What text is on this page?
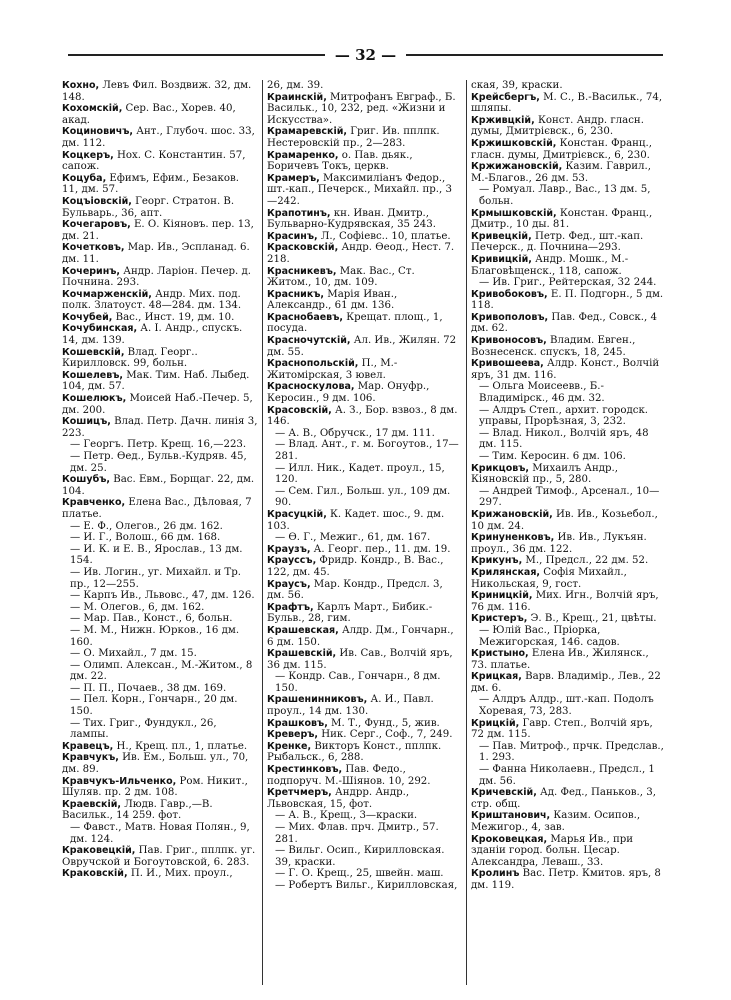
— 32 —

Кохно, Левъ Фил. Воздвиж. 32, дм. 148.

Кохомскій, Сер. Вас., Хорев. 40, акад.

Коциновичъ, Ант., Глубоч. шос. 33, дм. 112.

Коцкеръ, Нох. С. Константин. 57, сапож.

Коцуба, Ефимъ, Ефим., Безаков. 11, дм. 57.

Коцъіовскій, Георг. Стратон. В. Бульварь., 36, апт.

Кочегаровъ, Е. О. Кіяновъ. пер. 13, дм. 21.

Кочетковъ, Мар. Ив., Эспланад. 6. дм. 11.

Кочеринъ, Андр. Ларіон. Печер. д. Почнина. 293.

Кочмарженскій, Андр. Мих. под. полк. Златоуст. 48—284. дм. 134.

Кочубей, Вас., Инст. 19, дм. 10.

Кочубинская, А. І. Андр., спускъ. 14, дм. 139.

Кошевскій, Влад. Георг.. Кирилловск. 99, больн.

Кошелевъ, Мак. Тим. Наб. Лыбед. 104, дм. 57.

Кошелюкъ, Моисей Наб.-Печер. 5, дм. 200.

Кошицъ, Влад. Петр. Дачн. линія 3, 223.

— Георгъ. Петр. Крещ. 16,—223.

— Петр. Өед., Бульв.-Кудряв. 45, дм. 25.

Кошубъ, Вас. Евм., Борщаг. 22, дм. 104.

Кравченко, Елена Вас., Дѣловая, 7 платье.

— Е. Ф., Олегов., 26 дм. 162.

— И. Г., Волош., 66 дм. 168.

— И. К. и Е. В., Ярослав., 13 дм. 154.

— Ив. Логин., уг. Михайл. и Тр. пр., 12—255.

— Карпъ Ив., Львовс., 47, дм. 126.

— М. Олегов., 6, дм. 162.

— Мар. Пав., Конст., 6, больн.

— М. М., Нижн. Юрков., 16 дм. 160.

— О. Михайл., 7 дм. 15.

— Олимп. Алексан., М.-Житом., 8 дм. 22.

— П. П., Почаев., 38 дм. 169.

— Пел. Корн., Гончарн., 20 дм. 150.

— Тих. Григ., Фундукл., 26, лампы.

Кравецъ, Н., Крещ. пл., 1, платье.

Кравчукъ, Ив. Ем., Больш. ул., 70, дм. 89.

Кравчукъ-Ильченко, Ром. Никит., Шуляв. пр. 2 дм. 108.

Краевскій, Людв. Гавр.,—В. Васильк., 14 259. фот.

— Фавст., Матв. Новая Полян., 9, дм. 124.

Краковецкій, Пав. Григ., пплпк. уг. Овручской и Богоутовской, 6. 283.

Краковскій, П. И., Мих. проул.,

26, дм. 39.

Краинскій, Митрофанъ Евграф., Б. Васильк., 10, 232, ред. «Жизни и Искусства».

Крамаревскій, Григ. Ив. пплпк. Нестеровскій пр., 2—283.

Крамаренко, о. Пав. дьяк., Боричевъ Токъ, церкв.

Крамеръ, Максимиліанъ Федор., шт.-кап., Печерск., Михайл. пр., 3—242.

Крапотинъ, кн. Иван. Дмитр., Бульварно-Кудрявская, 35 243.

Красинъ, Л., Софіевс.. 10, платье.

Красковскій, Андр. Өеод., Нест. 7. 218.

Красникевъ, Мак. Вас., Ст. Житом., 10, дм. 109.

Красникъ, Марія Иван., Александр., 61 дм. 136.

Краснобаевъ, Крещат. площ., 1, посуда.

Красночутскій, Ал. Ив., Жилян. 72 дм. 55.

Краснопольскій, П., М.-Житомірская, 3 ювел.

Красноскулова, Мар. Онуфр., Керосин., 9 дм. 106.

Красовскій, А. З., Бор. взвоз., 8 дм. 146.

— А. В., Обручск., 17 дм. 111.

— Влад. Ант., г. м. Богоутов., 17—281.

— Илл. Ник., Кадет. проул., 15, 120.

— Сем. Гил., Больш. ул., 109 дм. 90.

Красуцкій, К. Кадет. шос., 9. дм. 103.

— Ө. Г., Межиг., 61, дм. 167.

Краузъ, А. Георг. пер., 11. дм. 19.

Крауссъ, Фридр. Кондр., В. Вас., 122, дм. 45.

Краусъ, Мар. Кондр., Предсл. 3, дм. 56.

Крафтъ, Карлъ Март., Бибик.-Бульв., 28, гим.

Крашевская, Алдр. Дм., Гончарн., 6 дм. 150.

Крашевскій, Ив. Сав., Волчій яръ, 36 дм. 115.

— Кондр. Сав., Гончарн., 8 дм. 150.

Крашенинниковъ, А. И., Павл. проул., 14 дм. 130.

Крашковъ, М. Т., Фунд., 5, жив.

Креверъ, Ник. Серг., Соф., 7, 249.

Кренке, Викторъ Конст., пплпк. Рыбальск., 6, 288.

Крестинковъ, Пав. Федо., подпоруч. М.-Шіянов. 10, 292.

Кретчмеръ, Андрр. Андр., Львовская, 15, фот.

— А. В., Крещ., 3—краски.

— Мих. Флав. прч. Дмитр., 57. 281.

— Вильг. Осип., Кирилловская. 39, краски.

— Г. О. Крещ., 25, швейн. маш.

— Робертъ Вильг., Кирилловская,

ская, 39, краски.

Крейсбергъ, М. С., В.-Васильк., 74, шляпы.

Крживцкій, Конст. Андр. гласн. думы, Дмитрієвск., 6, 230.

Кржишковскій, Констан. Франц., гласн. думы, Дмитрієвск., 6, 230.

Кржижановскій, Казим. Гаврил., М.-Благов., 26 дм. 53.

— Ромуал. Лавр., Вас., 13 дм. 5, больн.

Крмышковскій, Констан. Франц., Дмитр., 10 ды. 81.

Кривецкій, Петр. Фед., шт.-кап. Печерск., д. Почнина—293.

Кривицкій, Андр. Мошк., М.-Благовѣщенск., 118, сапож.

— Ив. Григ., Рейтерская, 32 244.

Кривобоковъ, Е. П. Подгорн., 5 дм. 118.

Кривополовъ, Пав. Фед., Совск., 4 дм. 62.

Кривоносовъ, Владим. Евген., Вознесенск. спускъ, 18, 245.

Кривошеева, Алдр. Конст., Волчій яръ, 31 дм. 116.

— Ольга Моисеевв., Б.-Владимірск., 46 дм. 32.

— Алдръ Степ., архит. городск. управы, Прорѣзная, 3, 232.

— Влад. Никол., Волчій яръ, 48 дм. 115.

— Тим. Керосин. 6 дм. 106.

Крикцовъ, Михаилъ Андр., Кіяновскій пр., 5, 280.

— Андрей Тимоф., Арсенал., 10—297.

Крижановскій, Ив. Ив., Козьебол., 10 дм. 24.

Кринуненковъ, Ив. Ив., Лукъян. проул., 36 дм. 122.

Крикунъ, М., Предсл., 22 дм. 52.

Крилянская, Софія Михайл., Никольская, 9, гост.

Криницкій, Мих. Игн., Волчій яръ, 76 дм. 116.

Кристеръ, Э. В., Крещ., 21, цвѣты.

— Юлій Вас., Пріорка, Межигорская, 146. садов.

Кристыно, Елена Ив., Жилянск., 73. платье.

Крицкая, Варв. Владимір., Лев., 22 дм. 6.

— Алдръ Алдр., шт.-кап. Подолъ Хоревая, 73, 283.

Крицкій, Гавр. Степ., Волчій яръ, 72 дм. 115.

— Пав. Митроф., прчк. Предслав., 1. 293.

— Фанна Николаевн., Предсл., 1 дм. 56.

Кричевскій, Ад. Фед., Паньков., 3, стр. общ.

Криштанович, Казим. Осипов., Межигор., 4, зав.

Кроковецкая, Марья Ив., при зданіи город. больн. Цесар. Александра, Леваш., 33.

Кролинъ Вас. Петр. Кмитов. яръ, 8 дм. 119.
